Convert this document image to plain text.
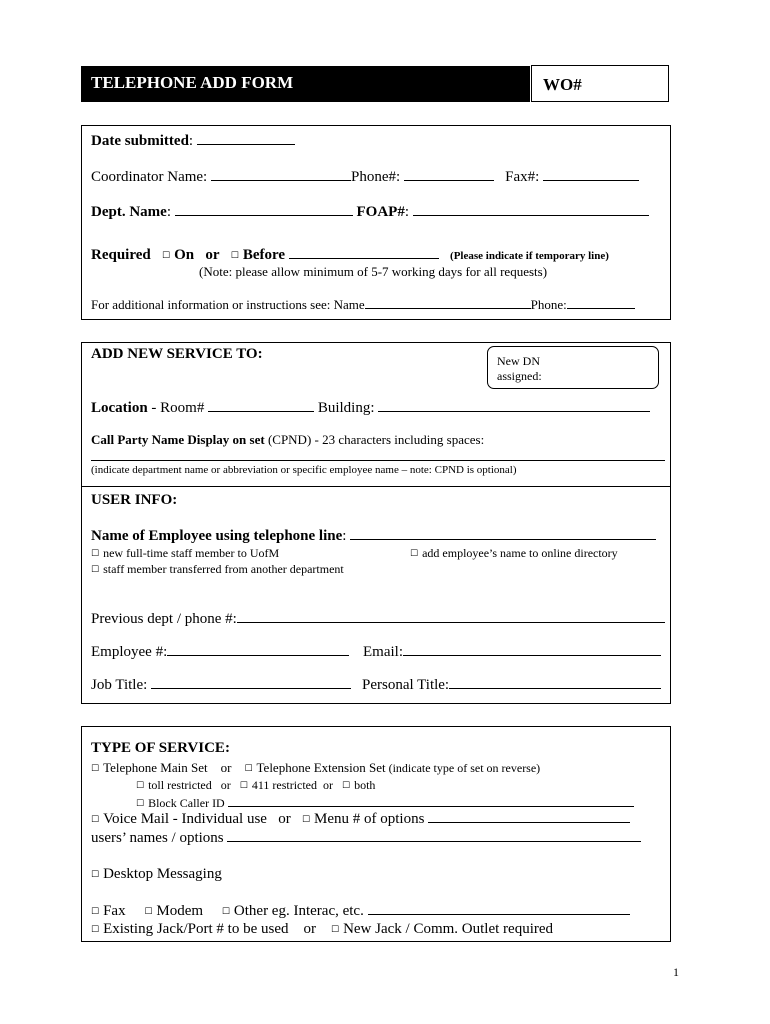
TELEPHONE ADD FORM	WO#
Date submitted:
Coordinator Name:	Phone#:	Fax#:
Dept. Name:	FOAP#:
Required ☐ On or ☐ Before	(Please indicate if temporary line)
(Note: please allow minimum of 5-7 working days for all requests)
For additional information or instructions see: Name	Phone:
ADD NEW SERVICE TO:	New DN
assigned:
Location - Room#	Building:
Call Party Name Display on set (CPND) - 23 characters including spaces:
(indicate department name or abbreviation or specific employee name – note: CPND is optional)
USER INFO:
Name of Employee using telephone line:
☐ new full-time staff member to UofM	☐ add employee’s name to online directory
☐ staff member transferred from another department
Previous dept / phone #:
Employee #:	Email:
Job Title:	Personal Title:
TYPE OF SERVICE:
☐ Telephone Main Set or ☐ Telephone Extension Set (indicate type of set on reverse)
☐ toll restricted or ☐ 411 restricted or ☐ both
☐ Block Caller ID
☐ Voice Mail - Individual use or ☐ Menu # of options
users’ names / options
☐ Desktop Messaging
☐ Fax ☐ Modem ☐ Other eg. Interac, etc.
☐ Existing Jack/Port # to be used or ☐ New Jack / Comm. Outlet required
1
